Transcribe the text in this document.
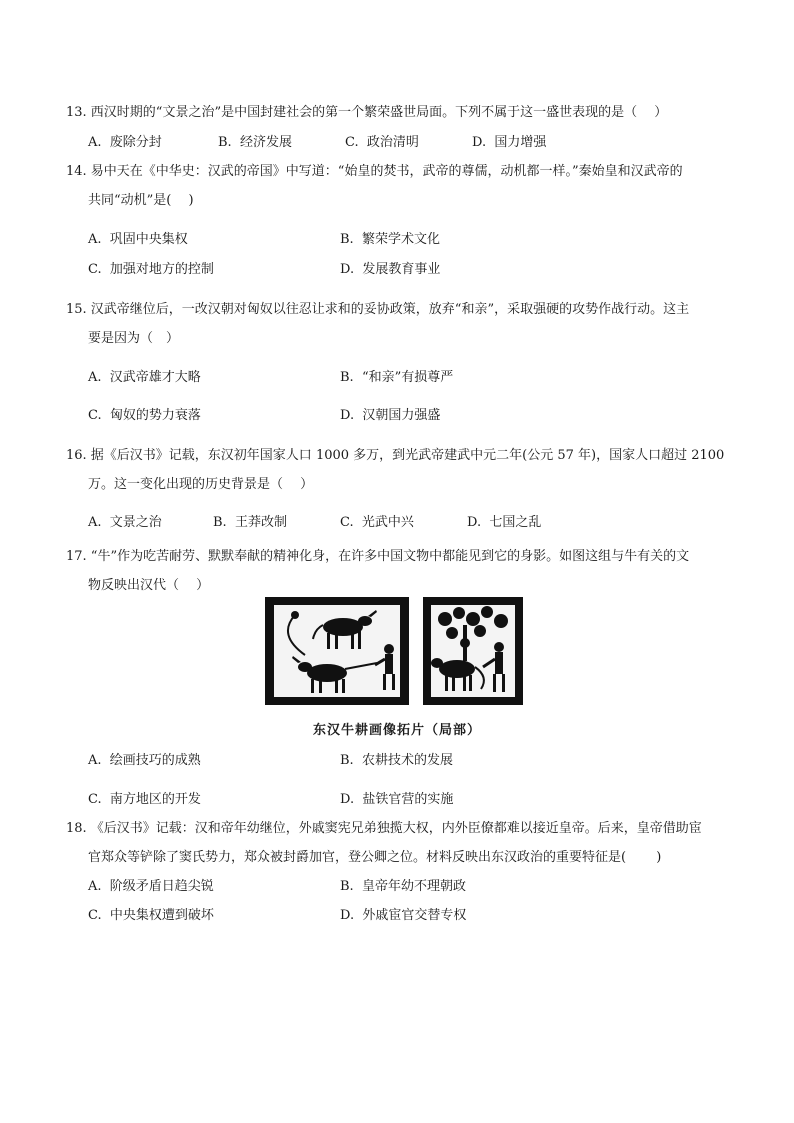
13. 西汉时期的“文景之治”是中国封建社会的第一个繁荣盛世局面。下列不属于这一盛世表现的是（　 ）
A. 废除分封	B. 经济发展	C. 政治清明	D. 国力增强
14. 易中天在《中华史：汉武的帝国》中写道：“始皇的焚书，武帝的尊儒，动机都一样。”秦始皇和汉武帝的
共同“动机”是(　 )
A. 巩固中央集权	B. 繁荣学术文化
C. 加强对地方的控制	D. 发展教育事业
15. 汉武帝继位后，一改汉朝对匈奴以往忍让求和的妥协政策，放弃“和亲”，采取强硬的攻势作战行动。这主
要是因为（　）
A. 汉武帝雄才大略	B. “和亲”有损尊严
C. 匈奴的势力衰落	D. 汉朝国力强盛
16. 据《后汉书》记载，东汉初年国家人口 1000 多万，到光武帝建武中元二年(公元 57 年)，国家人口超过 2100
万。这一变化出现的历史背景是（　 ）
A. 文景之治	B. 王莽改制	C. 光武中兴	D. 七国之乱
17. “牛”作为吃苦耐劳、默默奉献的精神化身，在许多中国文物中都能见到它的身影。如图这组与牛有关的文
物反映出汉代（　 ）
东汉牛耕画像拓片（局部）
A. 绘画技巧的成熟	B. 农耕技术的发展
C. 南方地区的开发	D. 盐铁官营的实施
18. 《后汉书》记载：汉和帝年幼继位，外戚窦宪兄弟独揽大权，内外臣僚都难以接近皇帝。后来，皇帝借助宦
官郑众等铲除了窦氏势力，郑众被封爵加官，登公卿之位。材料反映出东汉政治的重要特征是(　 　)
A. 阶级矛盾日趋尖锐	B. 皇帝年幼不理朝政
C. 中央集权遭到破坏	D. 外戚宦官交替专权
